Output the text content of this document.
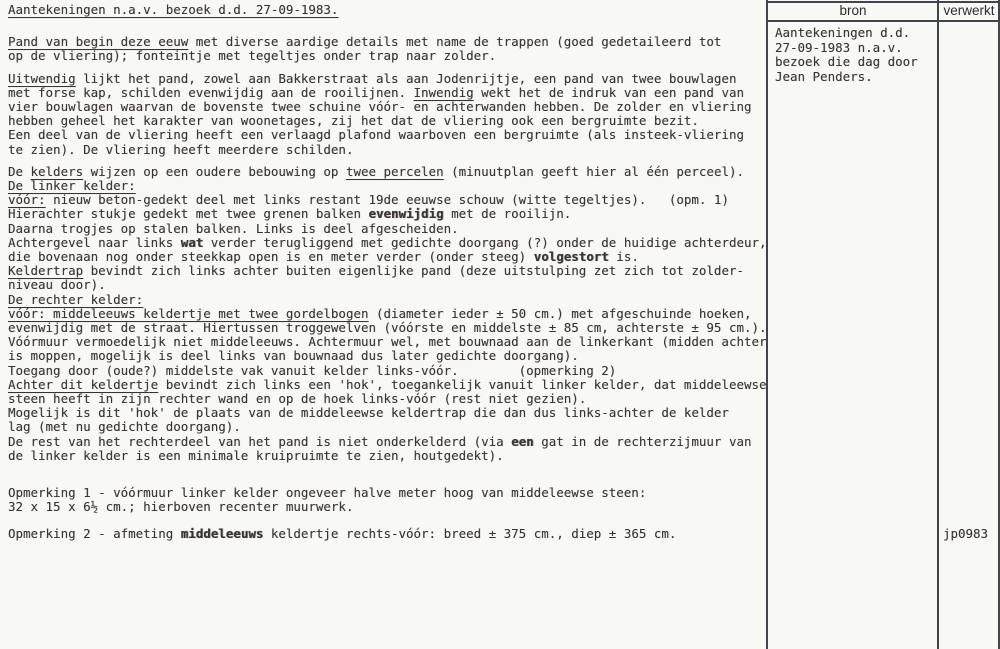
Aantekeningen n.a.v. bezoek d.d. 27-09-1983.
Pand van begin deze eeuw met diverse aardige details met name de trappen (goed gedetaileerd tot
op de vliering); fonteintje met tegeltjes onder trap naar zolder.
Uitwendig lijkt het pand, zowel aan Bakkerstraat als aan Jodenrijtje, een pand van twee bouwlagen
met forse kap, schilden evenwijdig aan de rooilijnen. Inwendig wekt het de indruk van een pand van
vier bouwlagen waarvan de bovenste twee schuine vóór- en achterwanden hebben. De zolder en vliering
hebben geheel het karakter van woonetages, zij het dat de vliering ook een bergruimte bezit.
Een deel van de vliering heeft een verlaagd plafond waarboven een bergruimte (als insteek-vliering
te zien). De vliering heeft meerdere schilden.
De kelders wijzen op een oudere bebouwing op twee percelen (minuutplan geeft hier al één perceel).
De linker kelder:
vóór: nieuw beton-gedekt deel met links restant 19de eeuwse schouw (witte tegeltjes).   (opm. 1)
Hierachter stukje gedekt met twee grenen balken evenwijdig met de rooilijn.
Daarna trogjes op stalen balken. Links is deel afgescheiden.
Achtergevel naar links wat verder terugliggend met gedichte doorgang (?) onder de huidige achterdeur,
die bovenaan nog onder steekkap open is en meter verder (onder steeg) volgestort is.
Keldertrap bevindt zich links achter buiten eigenlijke pand (deze uitstulping zet zich tot zolder-
niveau door).
De rechter kelder:
vóór: middeleeuws keldertje met twee gordelbogen (diameter ieder ± 50 cm.) met afgeschuinde hoeken,
evenwijdig met de straat. Hiertussen troggewelven (vóórste en middelste ± 85 cm, achterste ± 95 cm.).
Vóórmuur vermoedelijk niet middeleeuws. Achtermuur wel, met bouwnaad aan de linkerkant (midden achter
is moppen, mogelijk is deel links van bouwnaad dus later gedichte doorgang).
Toegang door (oude?) middelste vak vanuit kelder links-vóór.        (opmerking 2)
Achter dit keldertje bevindt zich links een 'hok', toegankelijk vanuit linker kelder, dat middeleewse
steen heeft in zijn rechter wand en op de hoek links-vóór (rest niet gezien).
Mogelijk is dit 'hok' de plaats van de middeleewse keldertrap die dan dus links-achter de kelder
lag (met nu gedichte doorgang).
De rest van het rechterdeel van het pand is niet onderkelderd (via een gat in de rechterzijmuur van
de linker kelder is een minimale kruipruimte te zien, houtgedekt).
Opmerking 1 - vóórmuur linker kelder ongeveer halve meter hoog van middeleewse steen:
32 x 15 x 6½ cm.; hierboven recenter muurwerk.
Opmerking 2 - afmeting middeleeuws keldertje rechts-vóór: breed ± 375 cm., diep ± 365 cm.
bron	verwerkt
Aantekeningen d.d.
27-09-1983 n.a.v.
bezoek die dag door
Jean Penders.
jp0983
